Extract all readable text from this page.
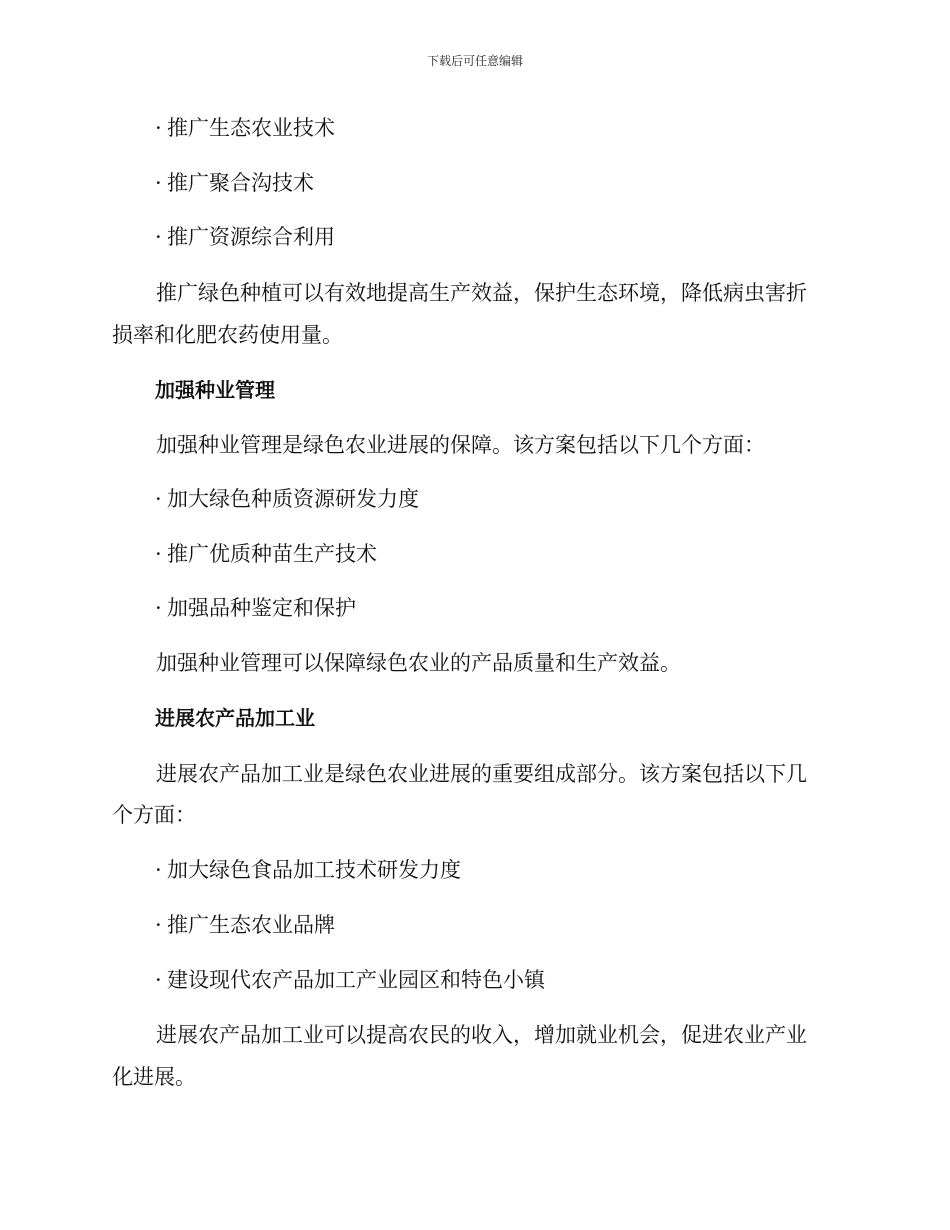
下载后可任意编辑
· 推广生态农业技术
· 推广聚合沟技术
· 推广资源综合利用
推广绿色种植可以有效地提高生产效益，保护生态环境，降低病虫害折
损率和化肥农药使用量。
加强种业管理
加强种业管理是绿色农业进展的保障。该方案包括以下几个方面：
· 加大绿色种质资源研发力度
· 推广优质种苗生产技术
· 加强品种鉴定和保护
加强种业管理可以保障绿色农业的产品质量和生产效益。
进展农产品加工业
进展农产品加工业是绿色农业进展的重要组成部分。该方案包括以下几
个方面：
· 加大绿色食品加工技术研发力度
· 推广生态农业品牌
· 建设现代农产品加工产业园区和特色小镇
进展农产品加工业可以提高农民的收入，增加就业机会，促进农业产业
化进展。
